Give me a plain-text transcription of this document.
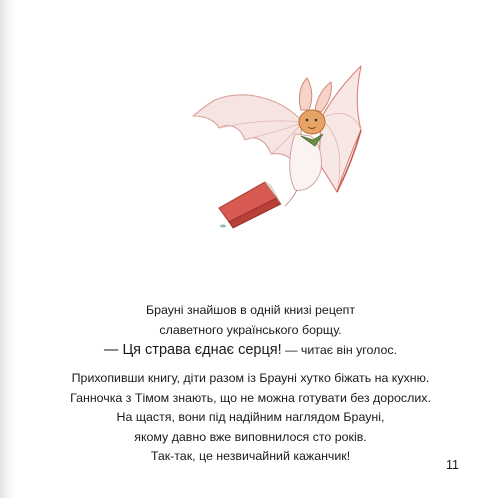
Брауні знайшов в одній книзі рецепт

славетного українського борщу.

— Ця страва єднає серця! — читає він уголос.

Прихопивши книгу, діти разом із Брауні хутко біжать на кухню.

Ганночка з Тімом знають, що не можна готувати без дорослих.

На щастя, вони під надійним наглядом Брауні,

якому давно вже виповнилося сто років.

Так-так, це незвичайний кажанчик!

11
